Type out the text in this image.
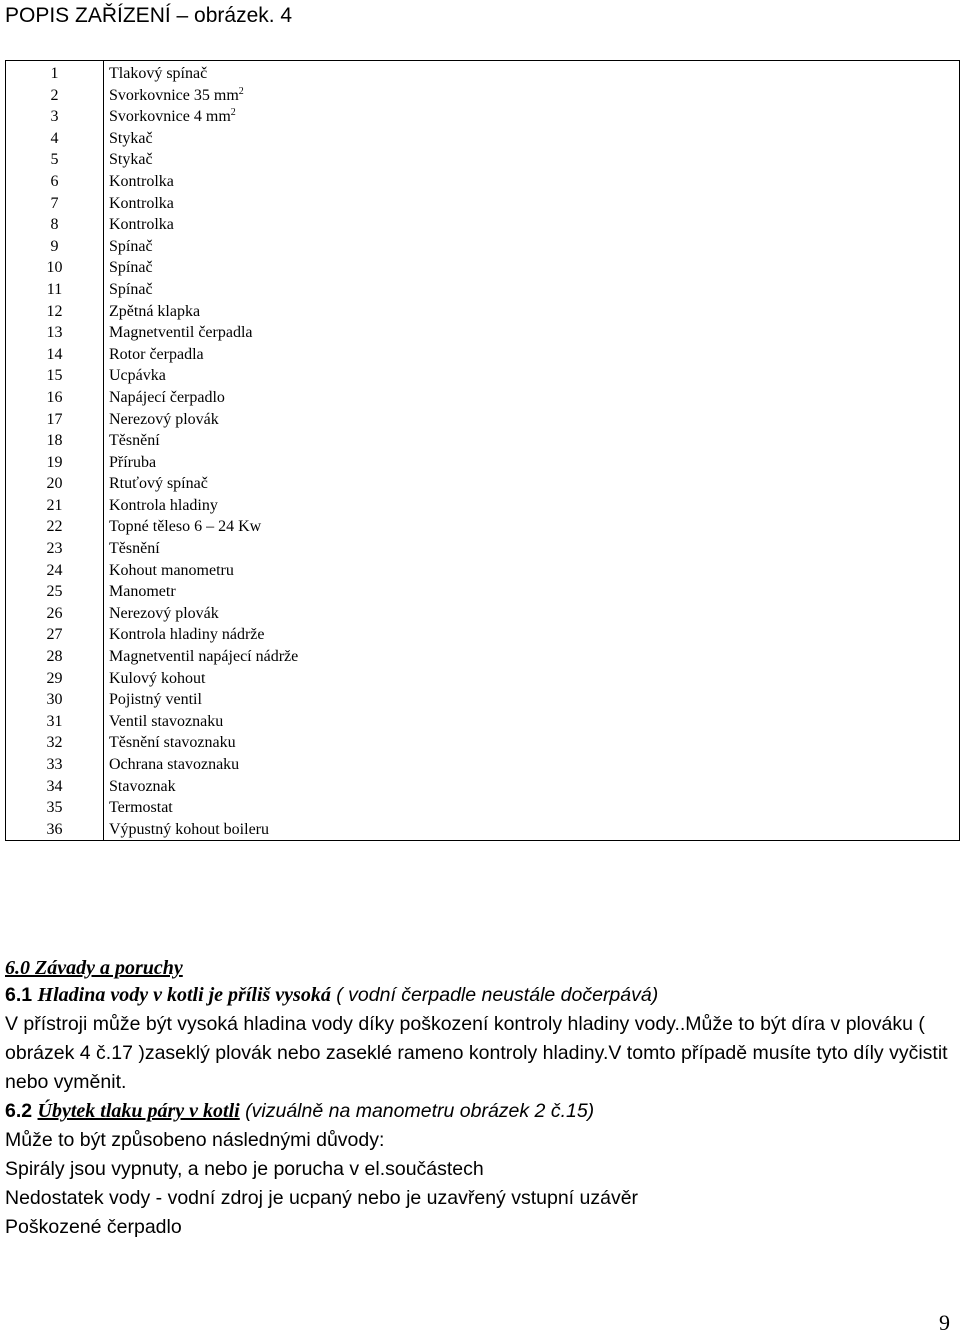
POPIS ZAŘÍZENÍ – obrázek. 4
1	Tlakový spínač
2	Svorkovnice 35 $mm^2$
3	Svorkovnice 4 $mm^2$
4	Stykač
5	Stykač
6	Kontrolka
7	Kontrolka
8	Kontrolka
9	Spínač
10	Spínač
11	Spínač
12	Zpětná klapka
13	Magnetventil čerpadla
14	Rotor čerpadla
15	Ucpávka
16	Napájecí čerpadlo
17	Nerezový plovák
18	Těsnění
19	Příruba
20	Rtuťový spínač
21	Kontrola hladiny
22	Topné těleso 6 – 24 Kw
23	Těsnění
24	Kohout manometru
25	Manometr
26	Nerezový plovák
27	Kontrola hladiny nádrže
28	Magnetventil napájecí nádrže
29	Kulový kohout
30	Pojistný ventil
31	Ventil stavoznaku
32	Těsnění stavoznaku
33	Ochrana stavoznaku
34	Stavoznak
35	Termostat
36	Výpustný kohout boileru

6.0 Závady a poruchy

6.1 Hladina vody v kotli je příliš vysoká ( vodní čerpadle neustále dočerpává)

V přístroji může být vysoká hladina vody díky poškození kontroly hladiny vody..Může to být díra v plováku ( obrázek 4 č.17 )zaseklý plovák nebo zaseklé rameno kontroly hladiny.V tomto případě musíte tyto díly vyčistit nebo vyměnit.

6.2 Úbytek tlaku páry v kotli (vizuálně na manometru obrázek 2 č.15)

Může to být způsobeno následnými důvody:

Spirály jsou vypnuty, a nebo je porucha v el.součástech

Nedostatek vody - vodní zdroj je ucpaný nebo je uzavřený vstupní uzávěr

Poškozené čerpadlo

9
